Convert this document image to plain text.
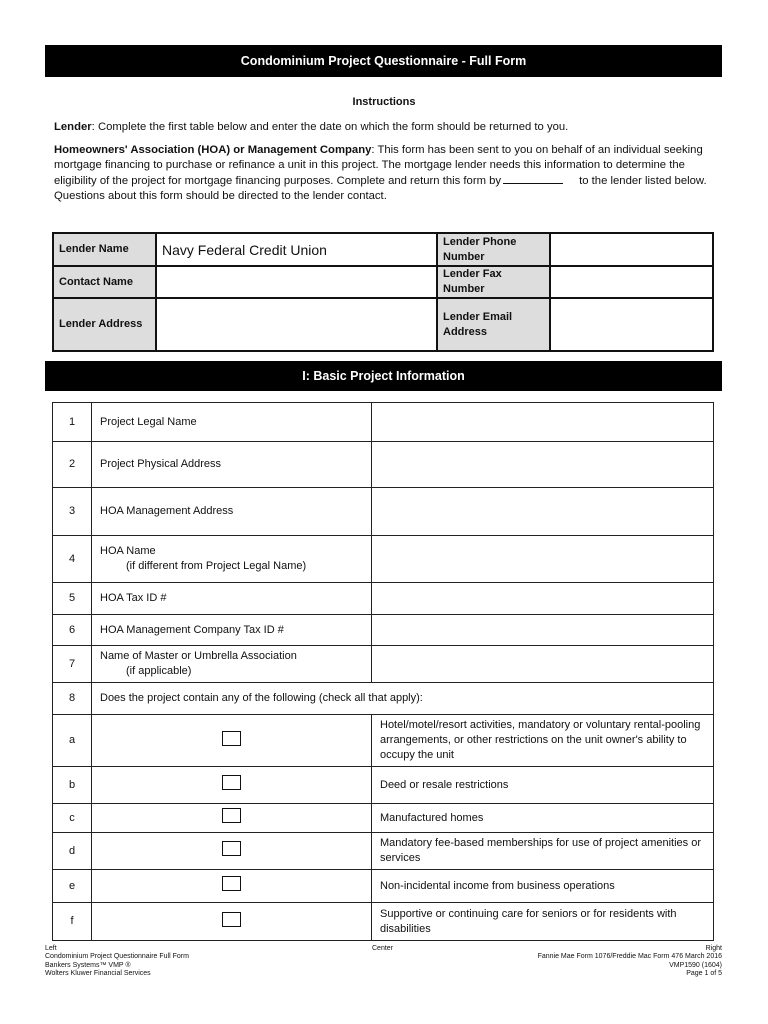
Condominium Project Questionnaire - Full Form
Instructions
Lender: Complete the first table below and enter the date on which the form should be returned to you.
Homeowners' Association (HOA) or Management Company: This form has been sent to you on behalf of an individual seeking mortgage financing to purchase or refinance a unit in this project. The mortgage lender needs this information to determine the eligibility of the project for mortgage financing purposes. Complete and return this form by	to the lender listed below. Questions about this form should be directed to the lender contact.
Lender Name	Navy Federal Credit Union	Lender Phone Number	
Contact Name		Lender Fax Number	
Lender Address		Lender Email Address	
I: Basic Project Information
1	Project Legal Name	

2	Project Physical Address	

3	HOA Management Address	

4	HOA Name
(if different from Project Legal Name)	

5	HOA Tax ID #	

6	HOA Management Company Tax ID #	

7	Name of Master or Umbrella Association
(if applicable)	

8	Does the project contain any of the following (check all that apply):	
a		Hotel/motel/resort activities, mandatory or voluntary rental-pooling arrangements, or other restrictions on the unit owner's ability to occupy the unit
b		Deed or resale restrictions
c		Manufactured homes
d		Mandatory fee-based memberships for use of project amenities or services
e		Non-incidental income from business operations
f		Supportive or continuing care for seniors or for residents with disabilities
Left
Condominium Project Questionnaire Full Form
Bankers Systems™ VMP ®
Wolters Kluwer Financial Services
Center	Right
Fannie Mae Form 1076/Freddie Mac Form 476 March 2016
VMP1590 (1604)
Page 1 of 5
